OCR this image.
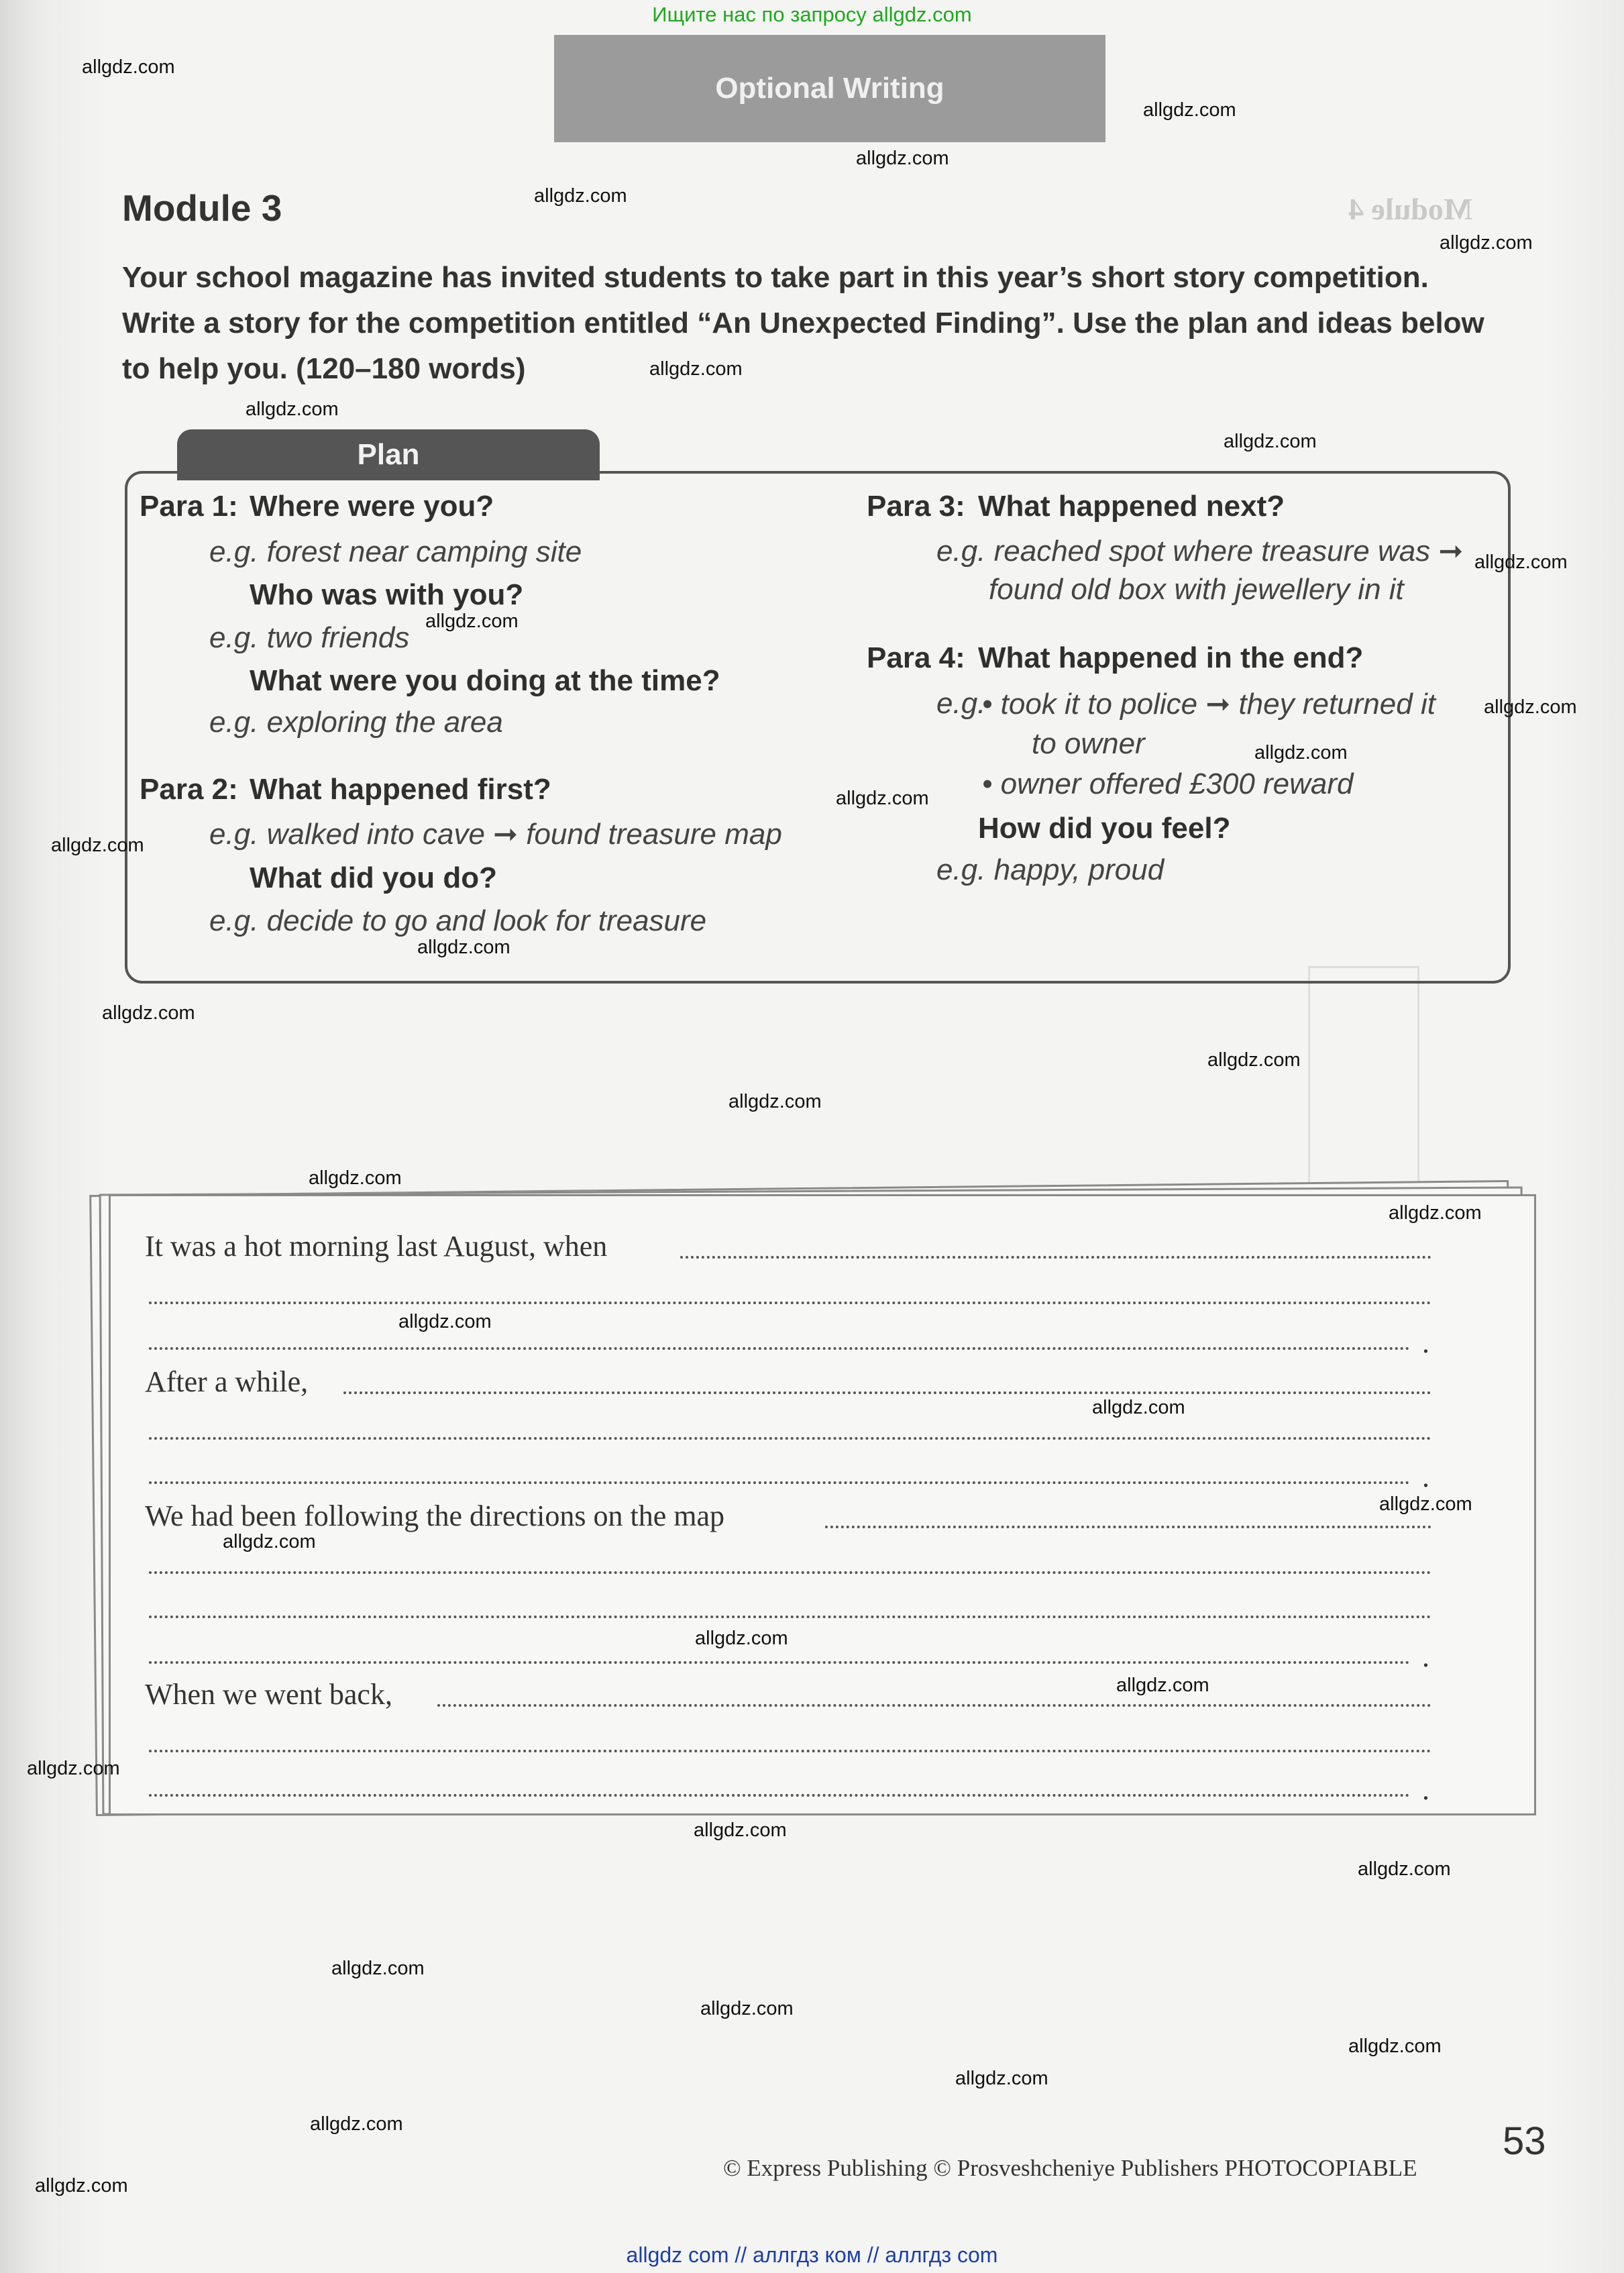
Module 4
Ищите нас по запросу allgdz.com
Optional Writing
Module 3
Your school magazine has invited students to take part in this year’s short story competition. Write a story for the competition entitled “An Unexpected Finding”. Use the plan and ideas below to help you. (120–180 words)
Plan
Para 1: Where were you?
e.g. forest near camping site
Who was with you?
e.g. two friends
What were you doing at the time?
e.g. exploring the area
Para 2: What happened first?
e.g. walked into cave ➞ found treasure map
What did you do?
e.g. decide to go and look for treasure
Para 3: What happened next?
e.g. reached spot where treasure was ➞
found old box with jewellery in it
Para 4: What happened in the end?
e.g.
• took it to police ➞ they returned it
to owner
• owner offered £300 reward
How did you feel?
e.g. happy, proud
It was a hot morning last August, when
.
After a while,
.
We had been following the directions on the map
.
When we went back,
.
© Express Publishing © Prosveshcheniye Publishers PHOTOCOPIABLE
53
allgdz.com
allgdz.com
allgdz.com
allgdz.com
allgdz.com
allgdz.com
allgdz.com
allgdz.com
allgdz.com
allgdz.com
allgdz.com
allgdz.com
allgdz.com
allgdz.com
allgdz.com
allgdz.com
allgdz.com
allgdz.com
allgdz.com
allgdz.com
allgdz.com
allgdz.com
allgdz.com
allgdz.com
allgdz.com
allgdz.com
allgdz.com
allgdz.com
allgdz.com
allgdz.com
allgdz.com
allgdz.com
allgdz.com
allgdz.com
allgdz.com
allgdz com // аллгдз ком // аллгдз com
